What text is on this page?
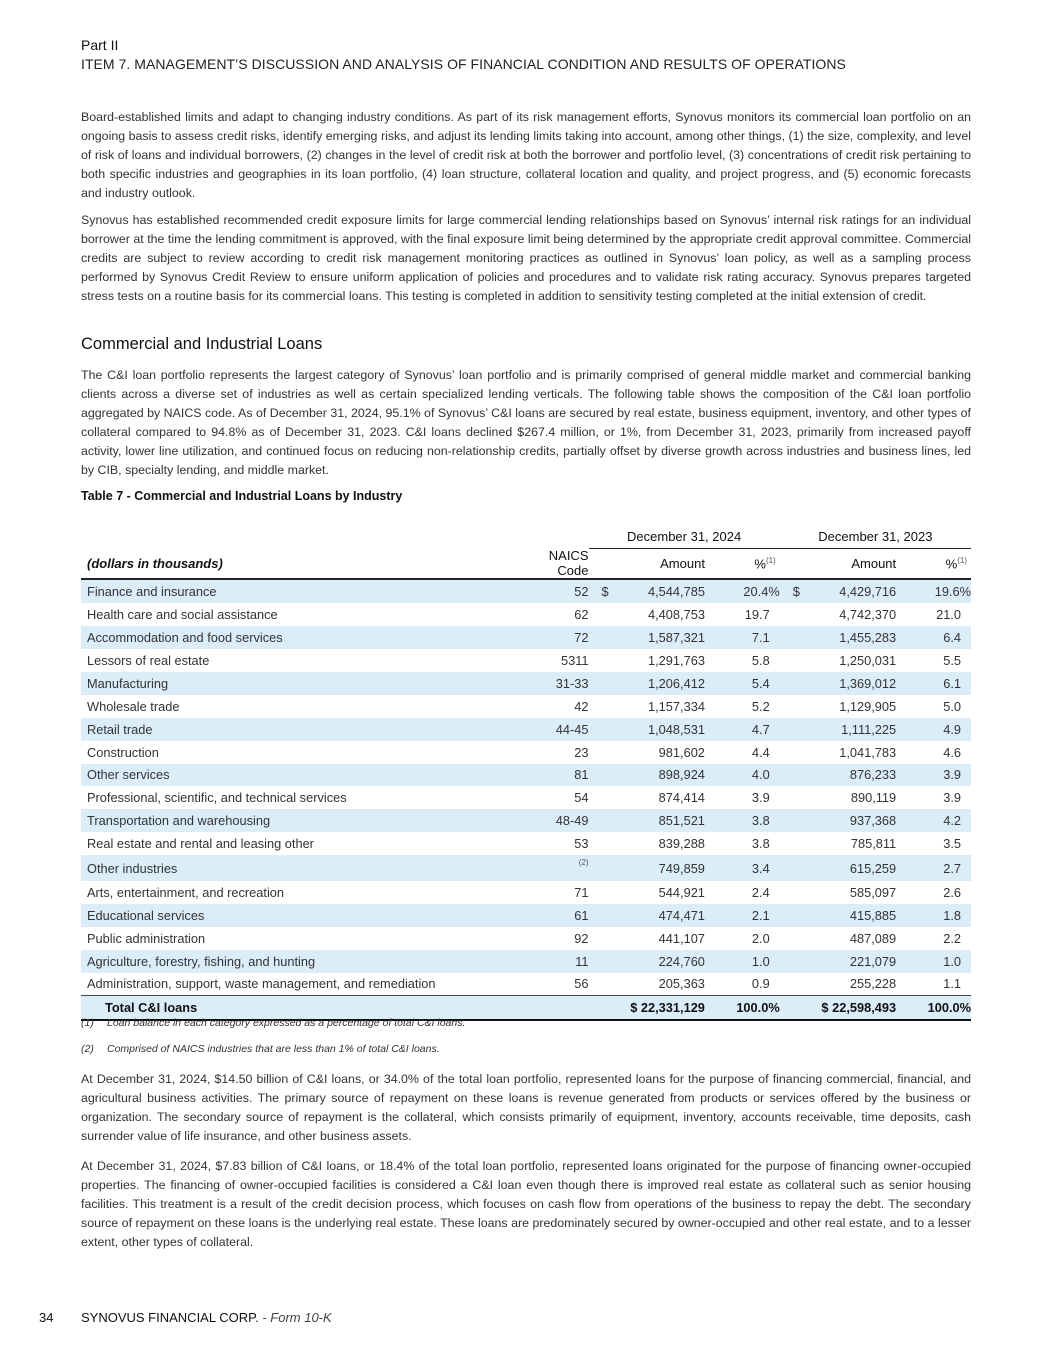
Part II
ITEM 7. MANAGEMENT’S DISCUSSION AND ANALYSIS OF FINANCIAL CONDITION AND RESULTS OF OPERATIONS

Board-established limits and adapt to changing industry conditions. As part of its risk management efforts, Synovus monitors its commercial loan portfolio on an ongoing basis to assess credit risks, identify emerging risks, and adjust its lending limits taking into account, among other things, (1) the size, complexity, and level of risk of loans and individual borrowers, (2) changes in the level of credit risk at both the borrower and portfolio level, (3) concentrations of credit risk pertaining to both specific industries and geographies in its loan portfolio, (4) loan structure, collateral location and quality, and project progress, and (5) economic forecasts and industry outlook.

Synovus has established recommended credit exposure limits for large commercial lending relationships based on Synovus’ internal risk ratings for an individual borrower at the time the lending commitment is approved, with the final exposure limit being determined by the appropriate credit approval committee. Commercial credits are subject to review according to credit risk management monitoring practices as outlined in Synovus’ loan policy, as well as a sampling process performed by Synovus Credit Review to ensure uniform application of policies and procedures and to validate risk rating accuracy. Synovus prepares targeted stress tests on a routine basis for its commercial loans. This testing is completed in addition to sensitivity testing completed at the initial extension of credit.

Commercial and Industrial Loans

The C&I loan portfolio represents the largest category of Synovus’ loan portfolio and is primarily comprised of general middle market and commercial banking clients across a diverse set of industries as well as certain specialized lending verticals. The following table shows the composition of the C&I loan portfolio aggregated by NAICS code. As of December 31, 2024, 95.1% of Synovus’ C&I loans are secured by real estate, business equipment, inventory, and other types of collateral compared to 94.8% as of December 31, 2023. C&I loans declined $267.4 million, or 1%, from December 31, 2023, primarily from increased payoff activity, lower line utilization, and continued focus on reducing non-relationship credits, partially offset by diverse growth across industries and business lines, led by CIB, specialty lending, and middle market.

Table 7 - Commercial and Industrial Loans by Industry

		December 31, 2024			December 31, 2023		
(dollars in thousands)	NAICS Code		Amount	%$^{(1)}$		Amount	%$^{(1)}$
Finance and insurance	52	$	4,544,785	20.4%	$	4,429,716	19.6%
Health care and social assistance	62		4,408,753	19.7		4,742,370	21.0
Accommodation and food services	72		1,587,321	7.1		1,455,283	6.4
Lessors of real estate	5311		1,291,763	5.8		1,250,031	5.5
Manufacturing	31-33		1,206,412	5.4		1,369,012	6.1
Wholesale trade	42		1,157,334	5.2		1,129,905	5.0
Retail trade	44-45		1,048,531	4.7		1,111,225	4.9
Construction	23		981,602	4.4		1,041,783	4.6
Other services	81		898,924	4.0		876,233	3.9
Professional, scientific, and technical services	54		874,414	3.9		890,119	3.9
Transportation and warehousing	48-49		851,521	3.8		937,368	4.2
Real estate and rental and leasing other	53		839,288	3.8		785,811	3.5
Other industries	(2)		749,859	3.4		615,259	2.7
Arts, entertainment, and recreation	71		544,921	2.4		585,097	2.6
Educational services	61		474,471	2.1		415,885	1.8
Public administration	92		441,107	2.0		487,089	2.2
Agriculture, forestry, fishing, and hunting	11		224,760	1.0		221,079	1.0
Administration, support, waste management, and remediation	56		205,363	0.9		255,228	1.1
Total C&I loans		$ 22,331,129		100.0%	$ 22,598,493		100.0%

(1) Loan balance in each category expressed as a percentage of total C&I loans.

(2) Comprised of NAICS industries that are less than 1% of total C&I loans.

At December 31, 2024, $14.50 billion of C&I loans, or 34.0% of the total loan portfolio, represented loans for the purpose of financing commercial, financial, and agricultural business activities. The primary source of repayment on these loans is revenue generated from products or services offered by the business or organization. The secondary source of repayment is the collateral, which consists primarily of equipment, inventory, accounts receivable, time deposits, cash surrender value of life insurance, and other business assets.

At December 31, 2024, $7.83 billion of C&I loans, or 18.4% of the total loan portfolio, represented loans originated for the purpose of financing owner-occupied properties. The financing of owner-occupied facilities is considered a C&I loan even though there is improved real estate as collateral such as senior housing facilities. This treatment is a result of the credit decision process, which focuses on cash flow from operations of the business to repay the debt. The secondary source of repayment on these loans is the underlying real estate. These loans are predominately secured by owner-occupied and other real estate, and to a lesser extent, other types of collateral.

34 SYNOVUS FINANCIAL CORP. - Form 10-K
